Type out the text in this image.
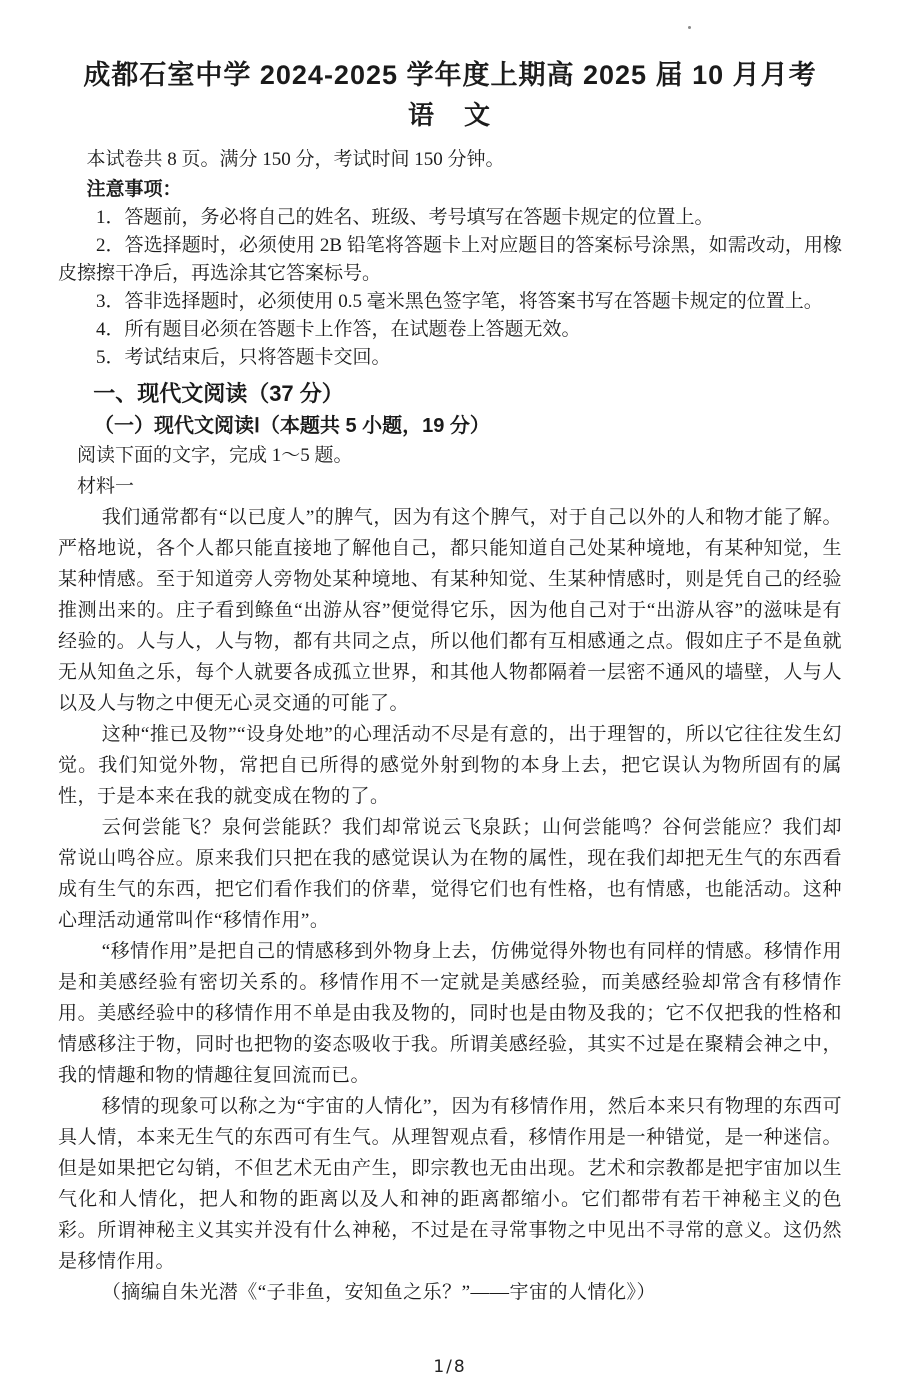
成都石室中学 2024-2025 学年度上期高 2025 届 10 月月考
语　文

本试卷共 8 页。满分 150 分，考试时间 150 分钟。

注意事项：

1．答题前，务必将自己的姓名、班级、考号填写在答题卡规定的位置上。

2．答选择题时，必须使用 2B 铅笔将答题卡上对应题目的答案标号涂黑，如需改动，用橡皮擦擦干净后，再选涂其它答案标号。

3．答非选择题时，必须使用 0.5 毫米黑色签字笔，将答案书写在答题卡规定的位置上。

4．所有题目必须在答题卡上作答，在试题卷上答题无效。

5．考试结束后，只将答题卡交回。

一、现代文阅读（37 分）
（一）现代文阅读Ⅰ（本题共 5 小题，19 分）

阅读下面的文字，完成 1～5 题。

材料一

我们通常都有“以已度人”的脾气，因为有这个脾气，对于自己以外的人和物才能了解。严格地说，各个人都只能直接地了解他自己，都只能知道自己处某种境地，有某种知觉，生某种情感。至于知道旁人旁物处某种境地、有某种知觉、生某种情感时，则是凭自己的经验推测出来的。庄子看到鲦鱼“出游从容”便觉得它乐，因为他自己对于“出游从容”的滋味是有经验的。人与人，人与物，都有共同之点，所以他们都有互相感通之点。假如庄子不是鱼就无从知鱼之乐，每个人就要各成孤立世界，和其他人物都隔着一层密不通风的墙壁，人与人以及人与物之中便无心灵交通的可能了。

这种“推已及物”“设身处地”的心理活动不尽是有意的，出于理智的，所以它往往发生幻觉。我们知觉外物，常把自已所得的感觉外射到物的本身上去，把它误认为物所固有的属性，于是本来在我的就变成在物的了。

云何尝能飞？泉何尝能跃？我们却常说云飞泉跃；山何尝能鸣？谷何尝能应？我们却常说山鸣谷应。原来我们只把在我的感觉误认为在物的属性，现在我们却把无生气的东西看成有生气的东西，把它们看作我们的侪辈，觉得它们也有性格，也有情感，也能活动。这种心理活动通常叫作“移情作用”。

“移情作用”是把自己的情感移到外物身上去，仿佛觉得外物也有同样的情感。移情作用是和美感经验有密切关系的。移情作用不一定就是美感经验，而美感经验却常含有移情作用。美感经验中的移情作用不单是由我及物的，同时也是由物及我的；它不仅把我的性格和情感移注于物，同时也把物的姿态吸收于我。所谓美感经验，其实不过是在聚精会神之中，我的情趣和物的情趣往复回流而已。

移情的现象可以称之为“宇宙的人情化”，因为有移情作用，然后本来只有物理的东西可具人情，本来无生气的东西可有生气。从理智观点看，移情作用是一种错觉，是一种迷信。但是如果把它勾销，不但艺术无由产生，即宗教也无由出现。艺术和宗教都是把宇宙加以生气化和人情化，把人和物的距离以及人和神的距离都缩小。它们都带有若干神秘主义的色彩。所谓神秘主义其实并没有什么神秘，不过是在寻常事物之中见出不寻常的意义。这仍然是移情作用。

（摘编自朱光潜《“子非鱼，安知鱼之乐？”——宇宙的人情化》）

1/8
